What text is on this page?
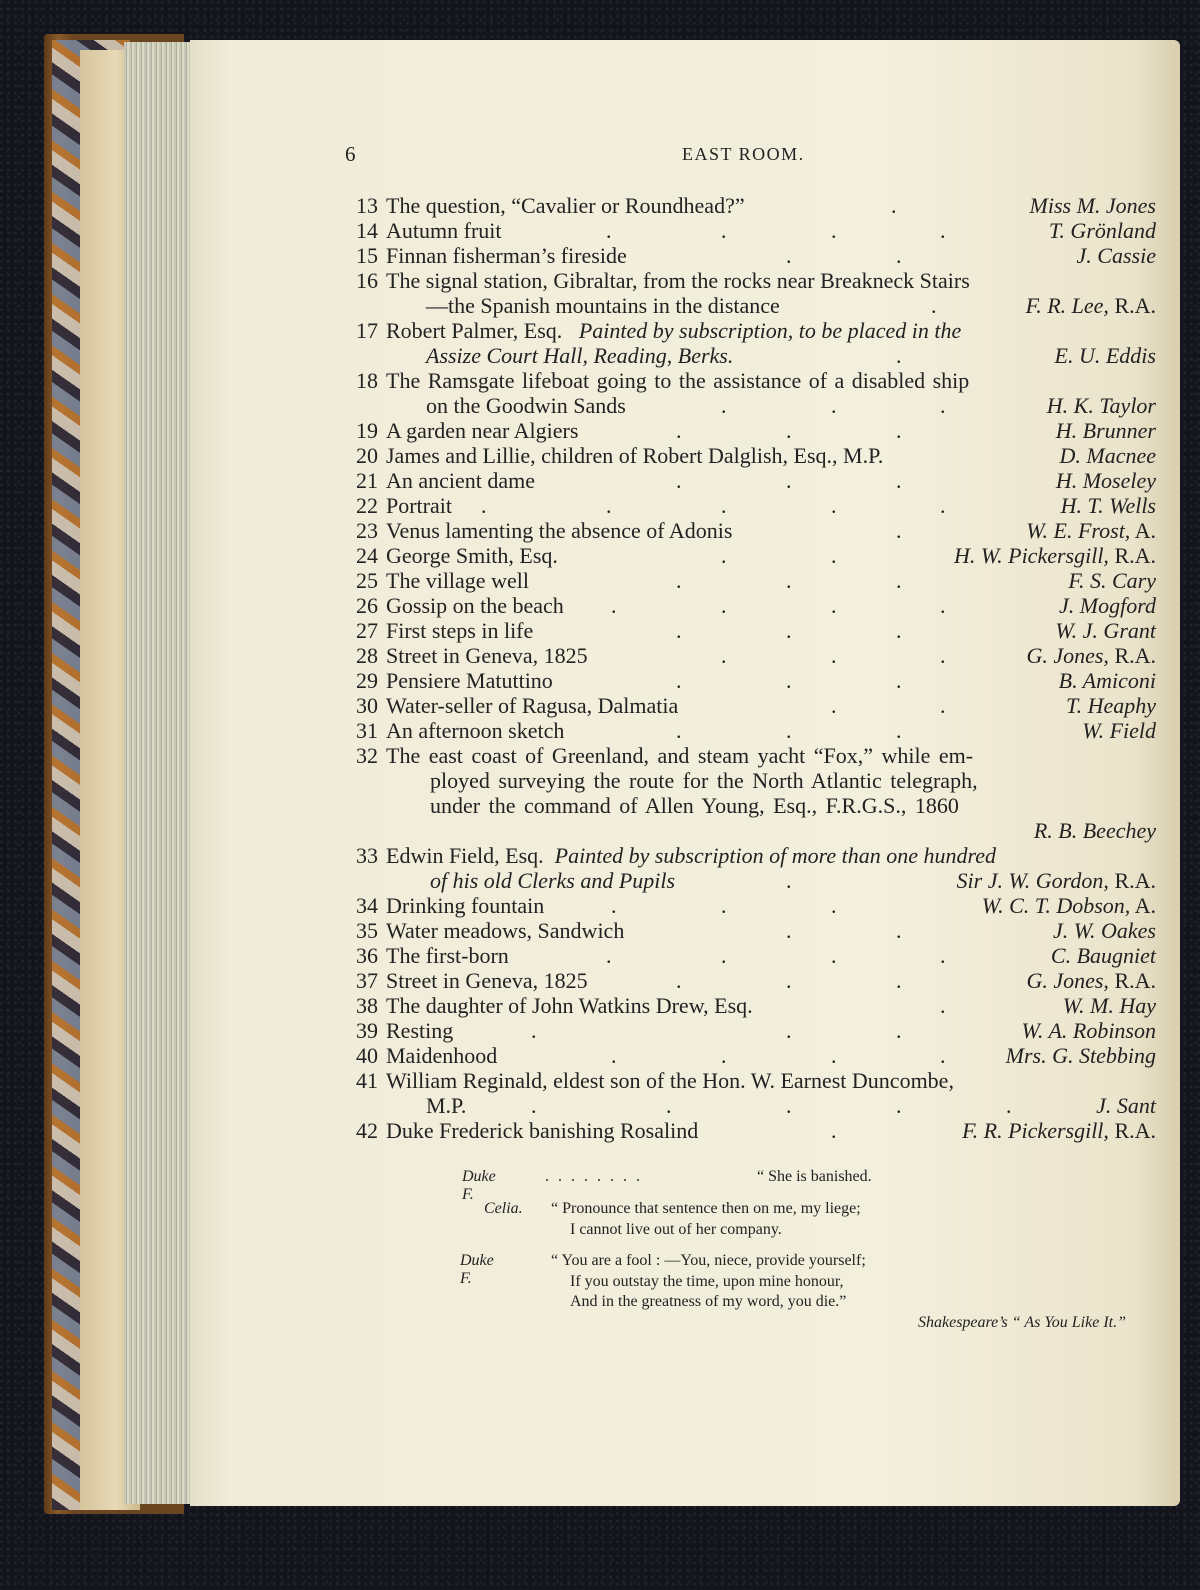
6	EAST ROOM.
13 The question, “Cavalier or Roundhead?”	.	Miss M. Jones
14 Autumn fruit	.	.	.	.	T. Grönland
15 Finnan fisherman’s fireside	.	.	J. Cassie
16 The signal station, Gibraltar, from the rocks near Breakneck Stairs
—the Spanish mountains in the distance	.	F. R. Lee, R.A.
17 Robert Palmer, Esq. Painted by subscription, to be placed in the
Assize Court Hall, Reading, Berks.	.	E. U. Eddis
18 The Ramsgate lifeboat going to the assistance of a disabled ship
on the Goodwin Sands	.	.	.	H. K. Taylor
19 A garden near Algiers	.	.	.	H. Brunner
20 James and Lillie, children of Robert Dalglish, Esq., M.P.	D. Macnee
21 An ancient dame	.	.	.	H. Moseley
22 Portrait .	.	.	.	.	H. T. Wells
23 Venus lamenting the absence of Adonis	.	W. E. Frost, A.
24 George Smith, Esq.	.	.	H. W. Pickersgill, R.A.
25 The village well	.	.	.	F. S. Cary
26 Gossip on the beach .	.	.	.	J. Mogford
27 First steps in life	.	.	.	W. J. Grant
28 Street in Geneva, 1825	.	.	.	G. Jones, R.A.
29 Pensiere Matuttino	.	.	.	B. Amiconi
30 Water-seller of Ragusa, Dalmatia	.	.	T. Heaphy
31 An afternoon sketch	.	.	.	W. Field
32 The east coast of Greenland, and steam yacht “Fox,” while em-
ployed surveying the route for the North Atlantic telegraph,
under the command of Allen Young, Esq., F.R.G.S., 1860
R. B. Beechey
33 Edwin Field, Esq. Painted by subscription of more than one hundred
of his old Clerks and Pupils	.	Sir J. W. Gordon, R.A.
34 Drinking fountain	.	.	.	W. C. T. Dobson, A.
35 Water meadows, Sandwich	.	.	J. W. Oakes
36 The first-born	.	.	.	.	C. Baugniet
37 Street in Geneva, 1825	.	.	.	G. Jones, R.A.
38 The daughter of John Watkins Drew, Esq.	.	W. M. Hay
39 Resting	.	.	.	W. A. Robinson
40 Maidenhood	.	.	.	.	Mrs. G. Stebbing
41 William Reginald, eldest son of the Hon. W. Earnest Duncombe,
M.P.	.	.	.	.	.	J. Sant
42 Duke Frederick banishing Rosalind	.	F. R. Pickersgill, R.A.
Duke F.
........	“ She is banished.
Celia. “ Pronounce that sentence then on me, my liege;
I cannot live out of her company.
Duke F.
“ You are a fool : —You, niece, provide yourself;
If you outstay the time, upon mine honour,
And in the greatness of my word, you die.”
Shakespeare’s “ As You Like It.”
